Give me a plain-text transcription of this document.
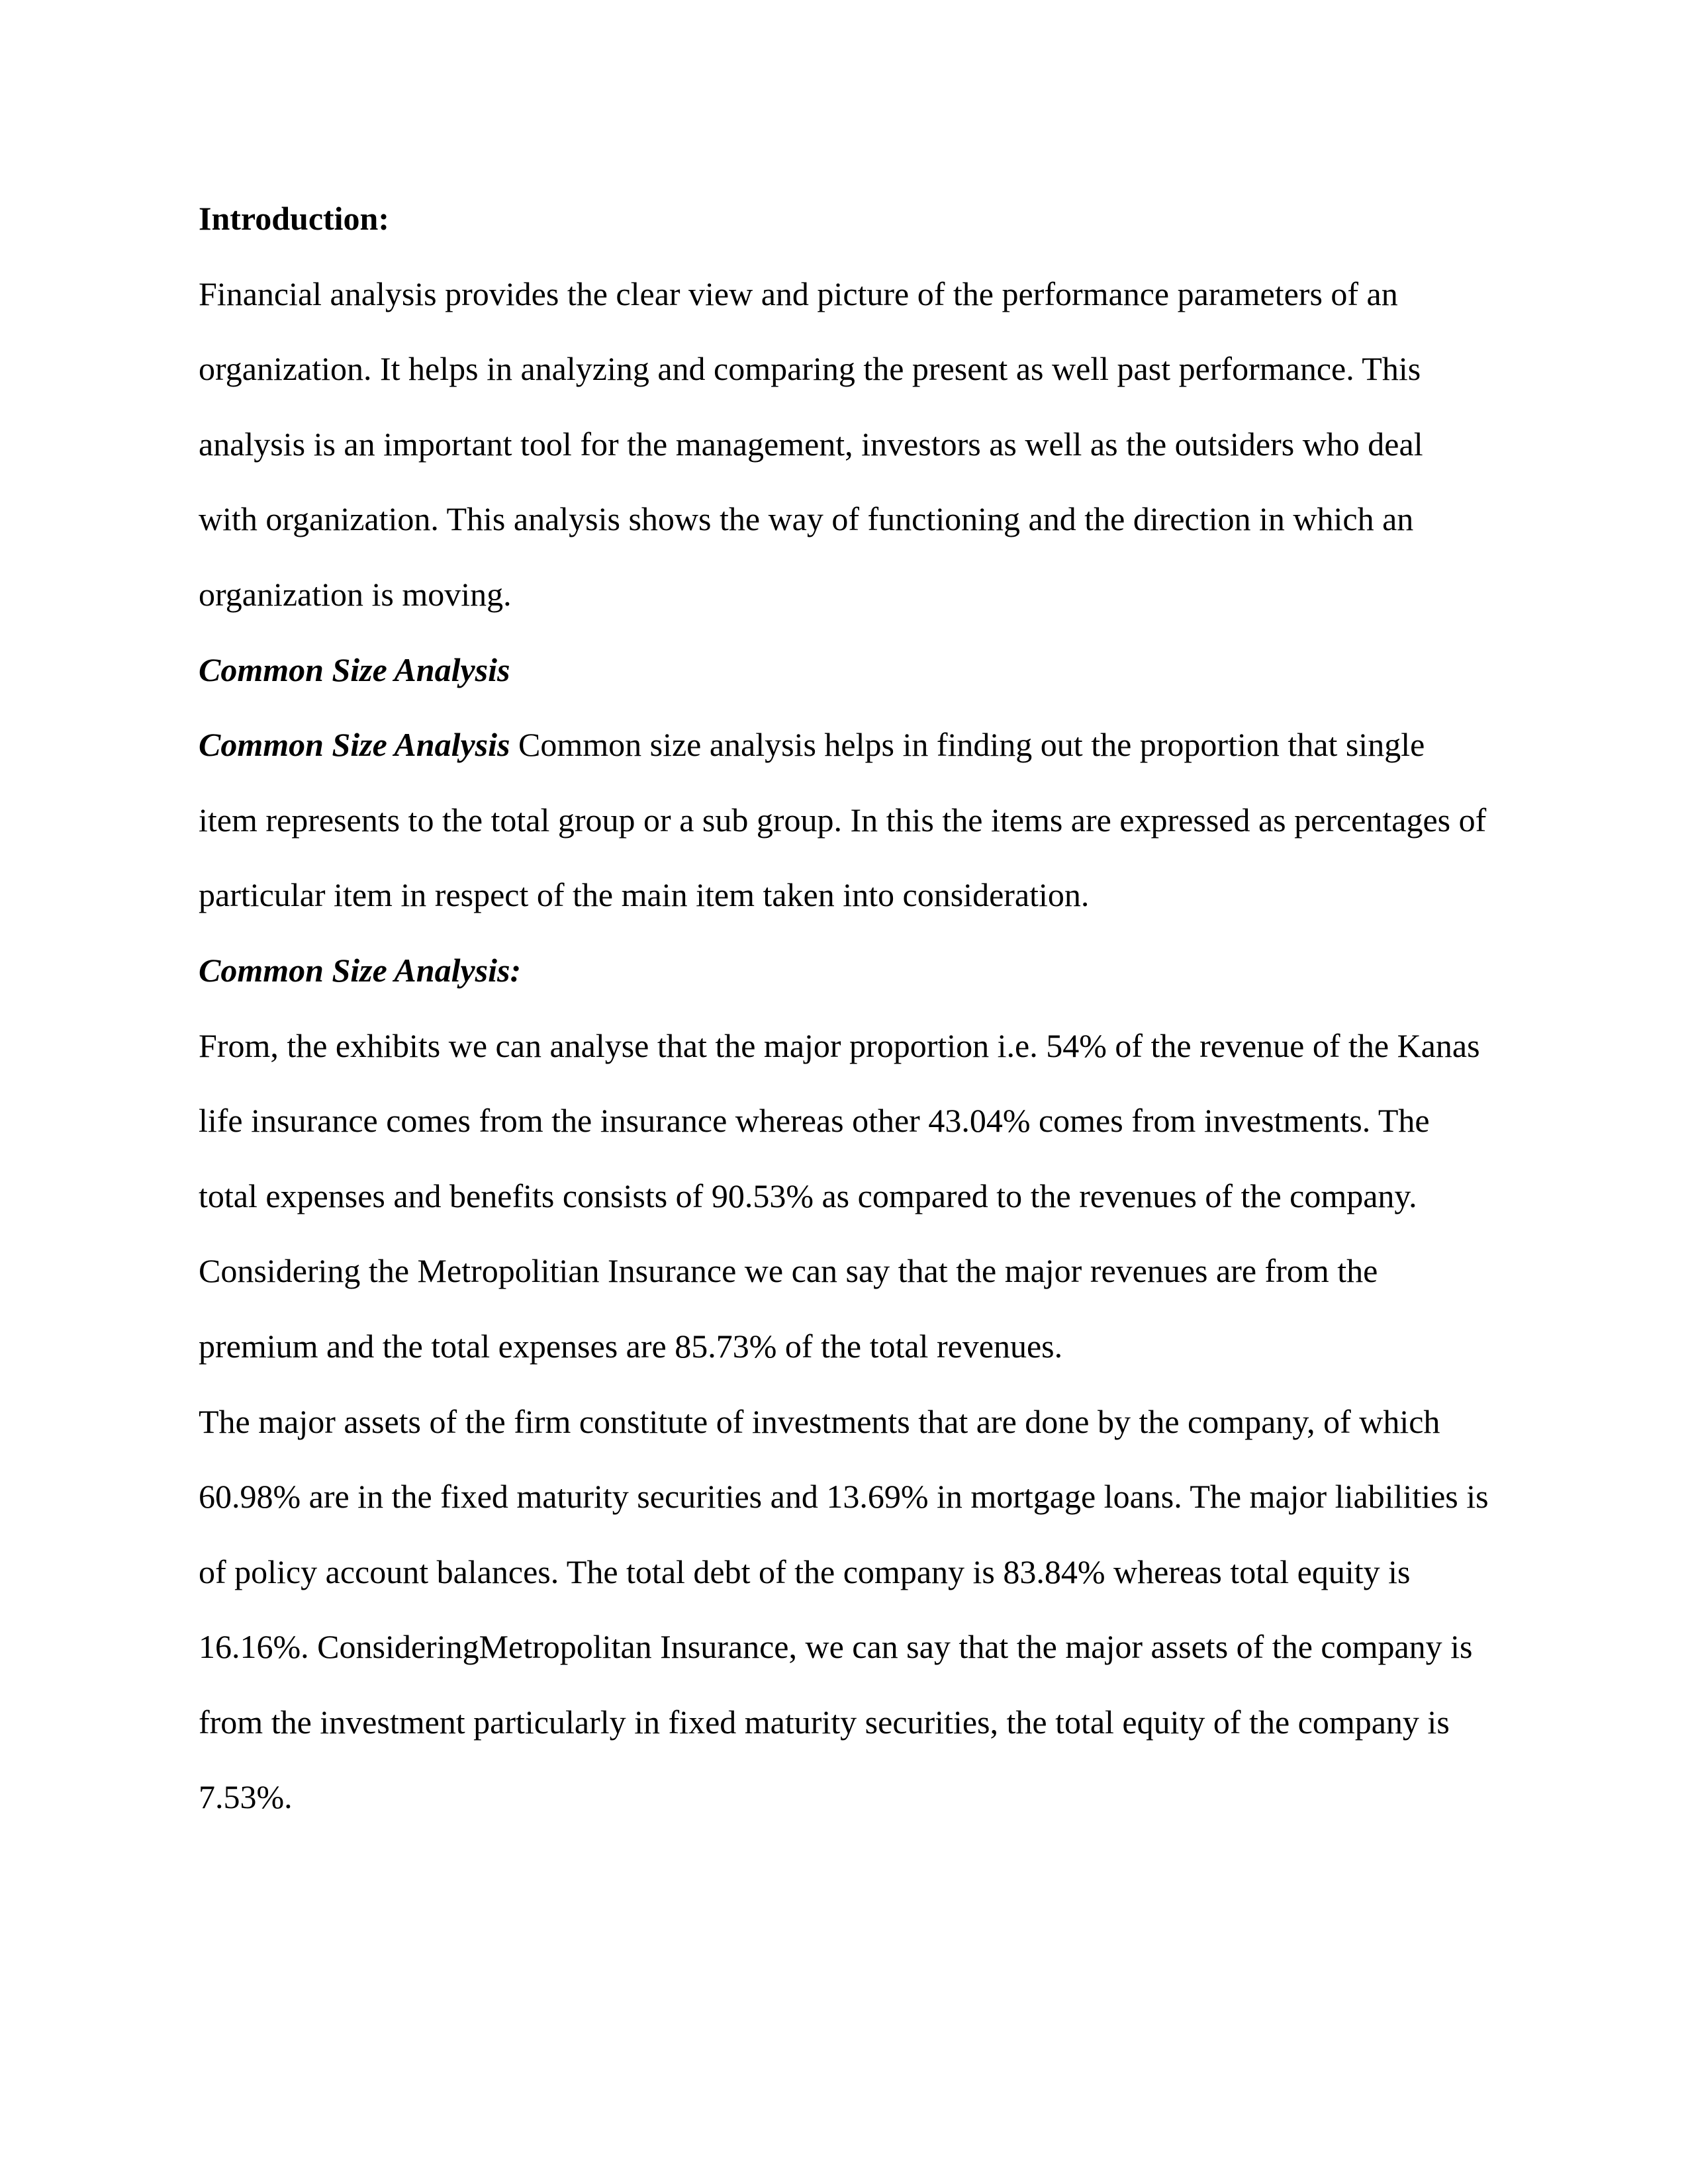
Introduction:
Financial analysis provides the clear view and picture of the performance parameters of an
organization. It helps in analyzing and comparing the present as well past performance. This
analysis is an important tool for the management, investors as well as the outsiders who deal
with organization. This analysis shows the way of functioning and the direction in which an
organization is moving.
Common Size Analysis
Common Size Analysis Common size analysis helps in finding out the proportion that single
item represents to the total group or a sub group. In this the items are expressed as percentages of
particular item in respect of the main item taken into consideration.
Common Size Analysis:
From, the exhibits we can analyse that the major proportion i.e. 54% of the revenue of the Kanas
life insurance comes from the insurance whereas other 43.04% comes from investments. The
total expenses and benefits consists of 90.53% as compared to the revenues of the company.
Considering the Metropolitian Insurance we can say that the major revenues are from the
premium and the total expenses are 85.73% of the total revenues.
The major assets of the firm constitute of investments that are done by the company, of which
60.98% are in the fixed maturity securities and 13.69% in mortgage loans. The major liabilities is
of policy account balances. The total debt of the company is 83.84% whereas total equity is
16.16%. ConsideringMetropolitan Insurance, we can say that the major assets of the company is
from the investment particularly in fixed maturity securities, the total equity of the company is
7.53%.
